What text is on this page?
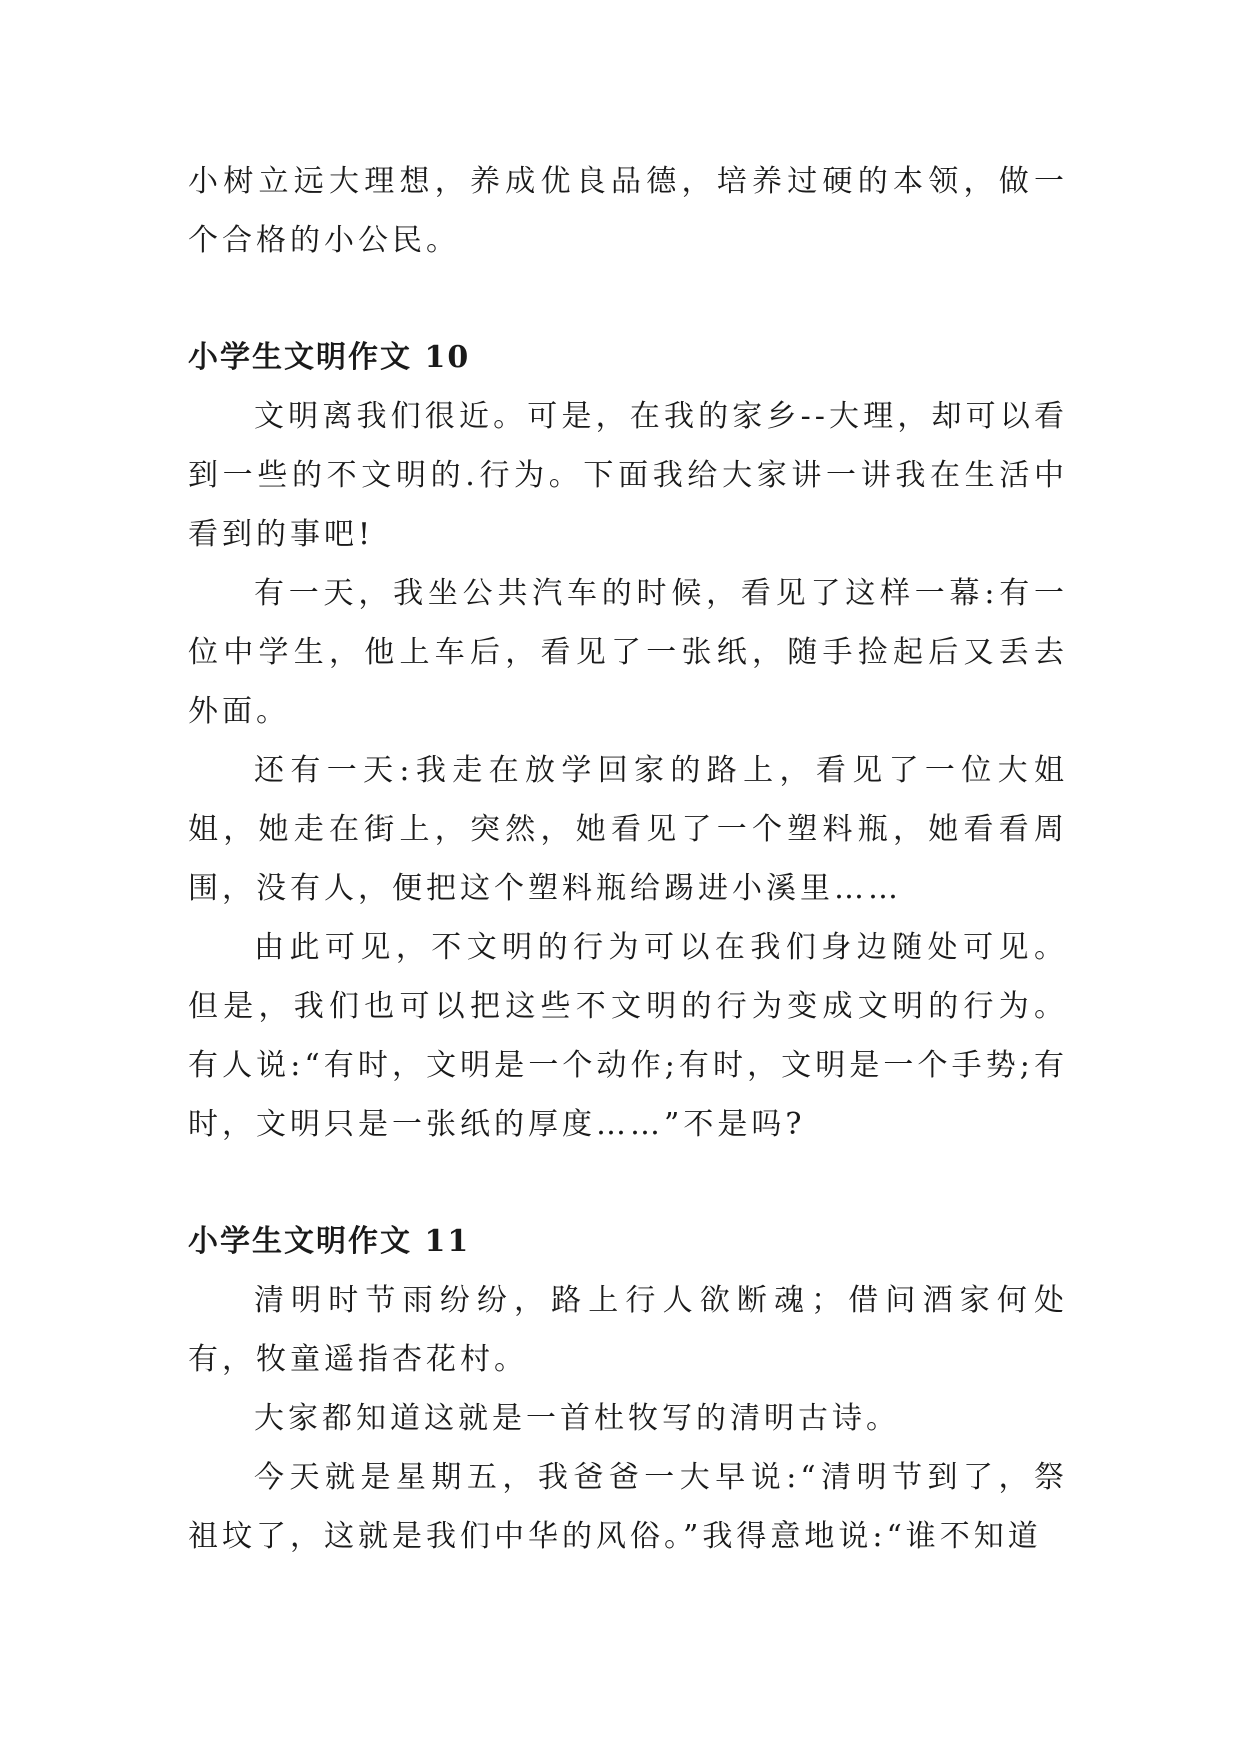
小树立远大理想，养成优良品德，培养过硬的本领，做一个合格的小公民。

小学生文明作文 10

文明离我们很近。可是，在我的家乡--大理，却可以看到一些的不文明的.行为。下面我给大家讲一讲我在生活中看到的事吧!

有一天，我坐公共汽车的时候，看见了这样一幕:有一位中学生，他上车后，看见了一张纸，随手捡起后又丢去外面。

还有一天:我走在放学回家的路上，看见了一位大姐姐，她走在街上，突然，她看见了一个塑料瓶，她看看周围，没有人，便把这个塑料瓶给踢进小溪里……

由此可见，不文明的行为可以在我们身边随处可见。但是，我们也可以把这些不文明的行为变成文明的行为。有人说:“有时，文明是一个动作;有时，文明是一个手势;有时，文明只是一张纸的厚度……”不是吗?

小学生文明作文 11

清明时节雨纷纷，路上行人欲断魂；借问酒家何处有，牧童遥指杏花村。

大家都知道这就是一首杜牧写的清明古诗。

今天就是星期五，我爸爸一大早说:“清明节到了，祭祖坟了，这就是我们中华的风俗。”我得意地说:“谁不知道
